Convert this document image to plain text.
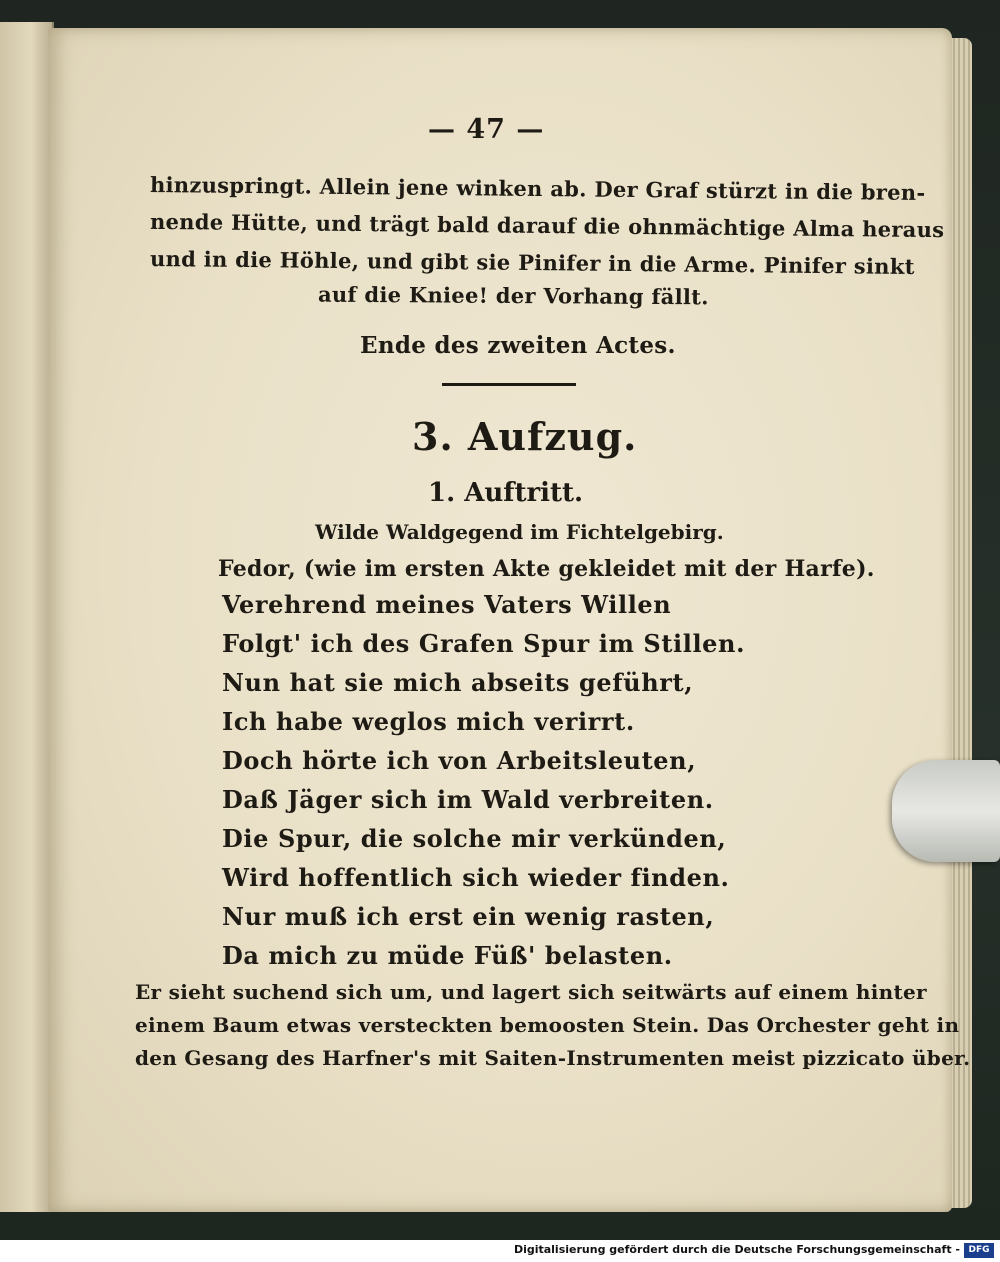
— 47 —
hinzuspringt. Allein jene winken ab. Der Graf stürzt in die bren-
nende Hütte, und trägt bald darauf die ohnmächtige Alma heraus
und in die Höhle, und gibt sie Pinifer in die Arme. Pinifer sinkt
auf die Kniee! der Vorhang fällt.
Ende des zweiten Actes.
3. Aufzug.
1. Auftritt.
Wilde Waldgegend im Fichtelgebirg.
Fedor, (wie im ersten Akte gekleidet mit der Harfe).
Verehrend meines Vaters Willen
Folgt' ich des Grafen Spur im Stillen.
Nun hat sie mich abseits geführt,
Ich habe weglos mich verirrt.
Doch hörte ich von Arbeitsleuten,
Daß Jäger sich im Wald verbreiten.
Die Spur, die solche mir verkünden,
Wird hoffentlich sich wieder finden.
Nur muß ich erst ein wenig rasten,
Da mich zu müde Füß' belasten.
Er sieht suchend sich um, und lagert sich seitwärts auf einem hinter
einem Baum etwas versteckten bemoosten Stein. Das Orchester geht in
den Gesang des Harfner's mit Saiten-Instrumenten meist pizzicato über.
Digitalisierung gefördert durch die Deutsche Forschungsgemeinschaft - DFG
